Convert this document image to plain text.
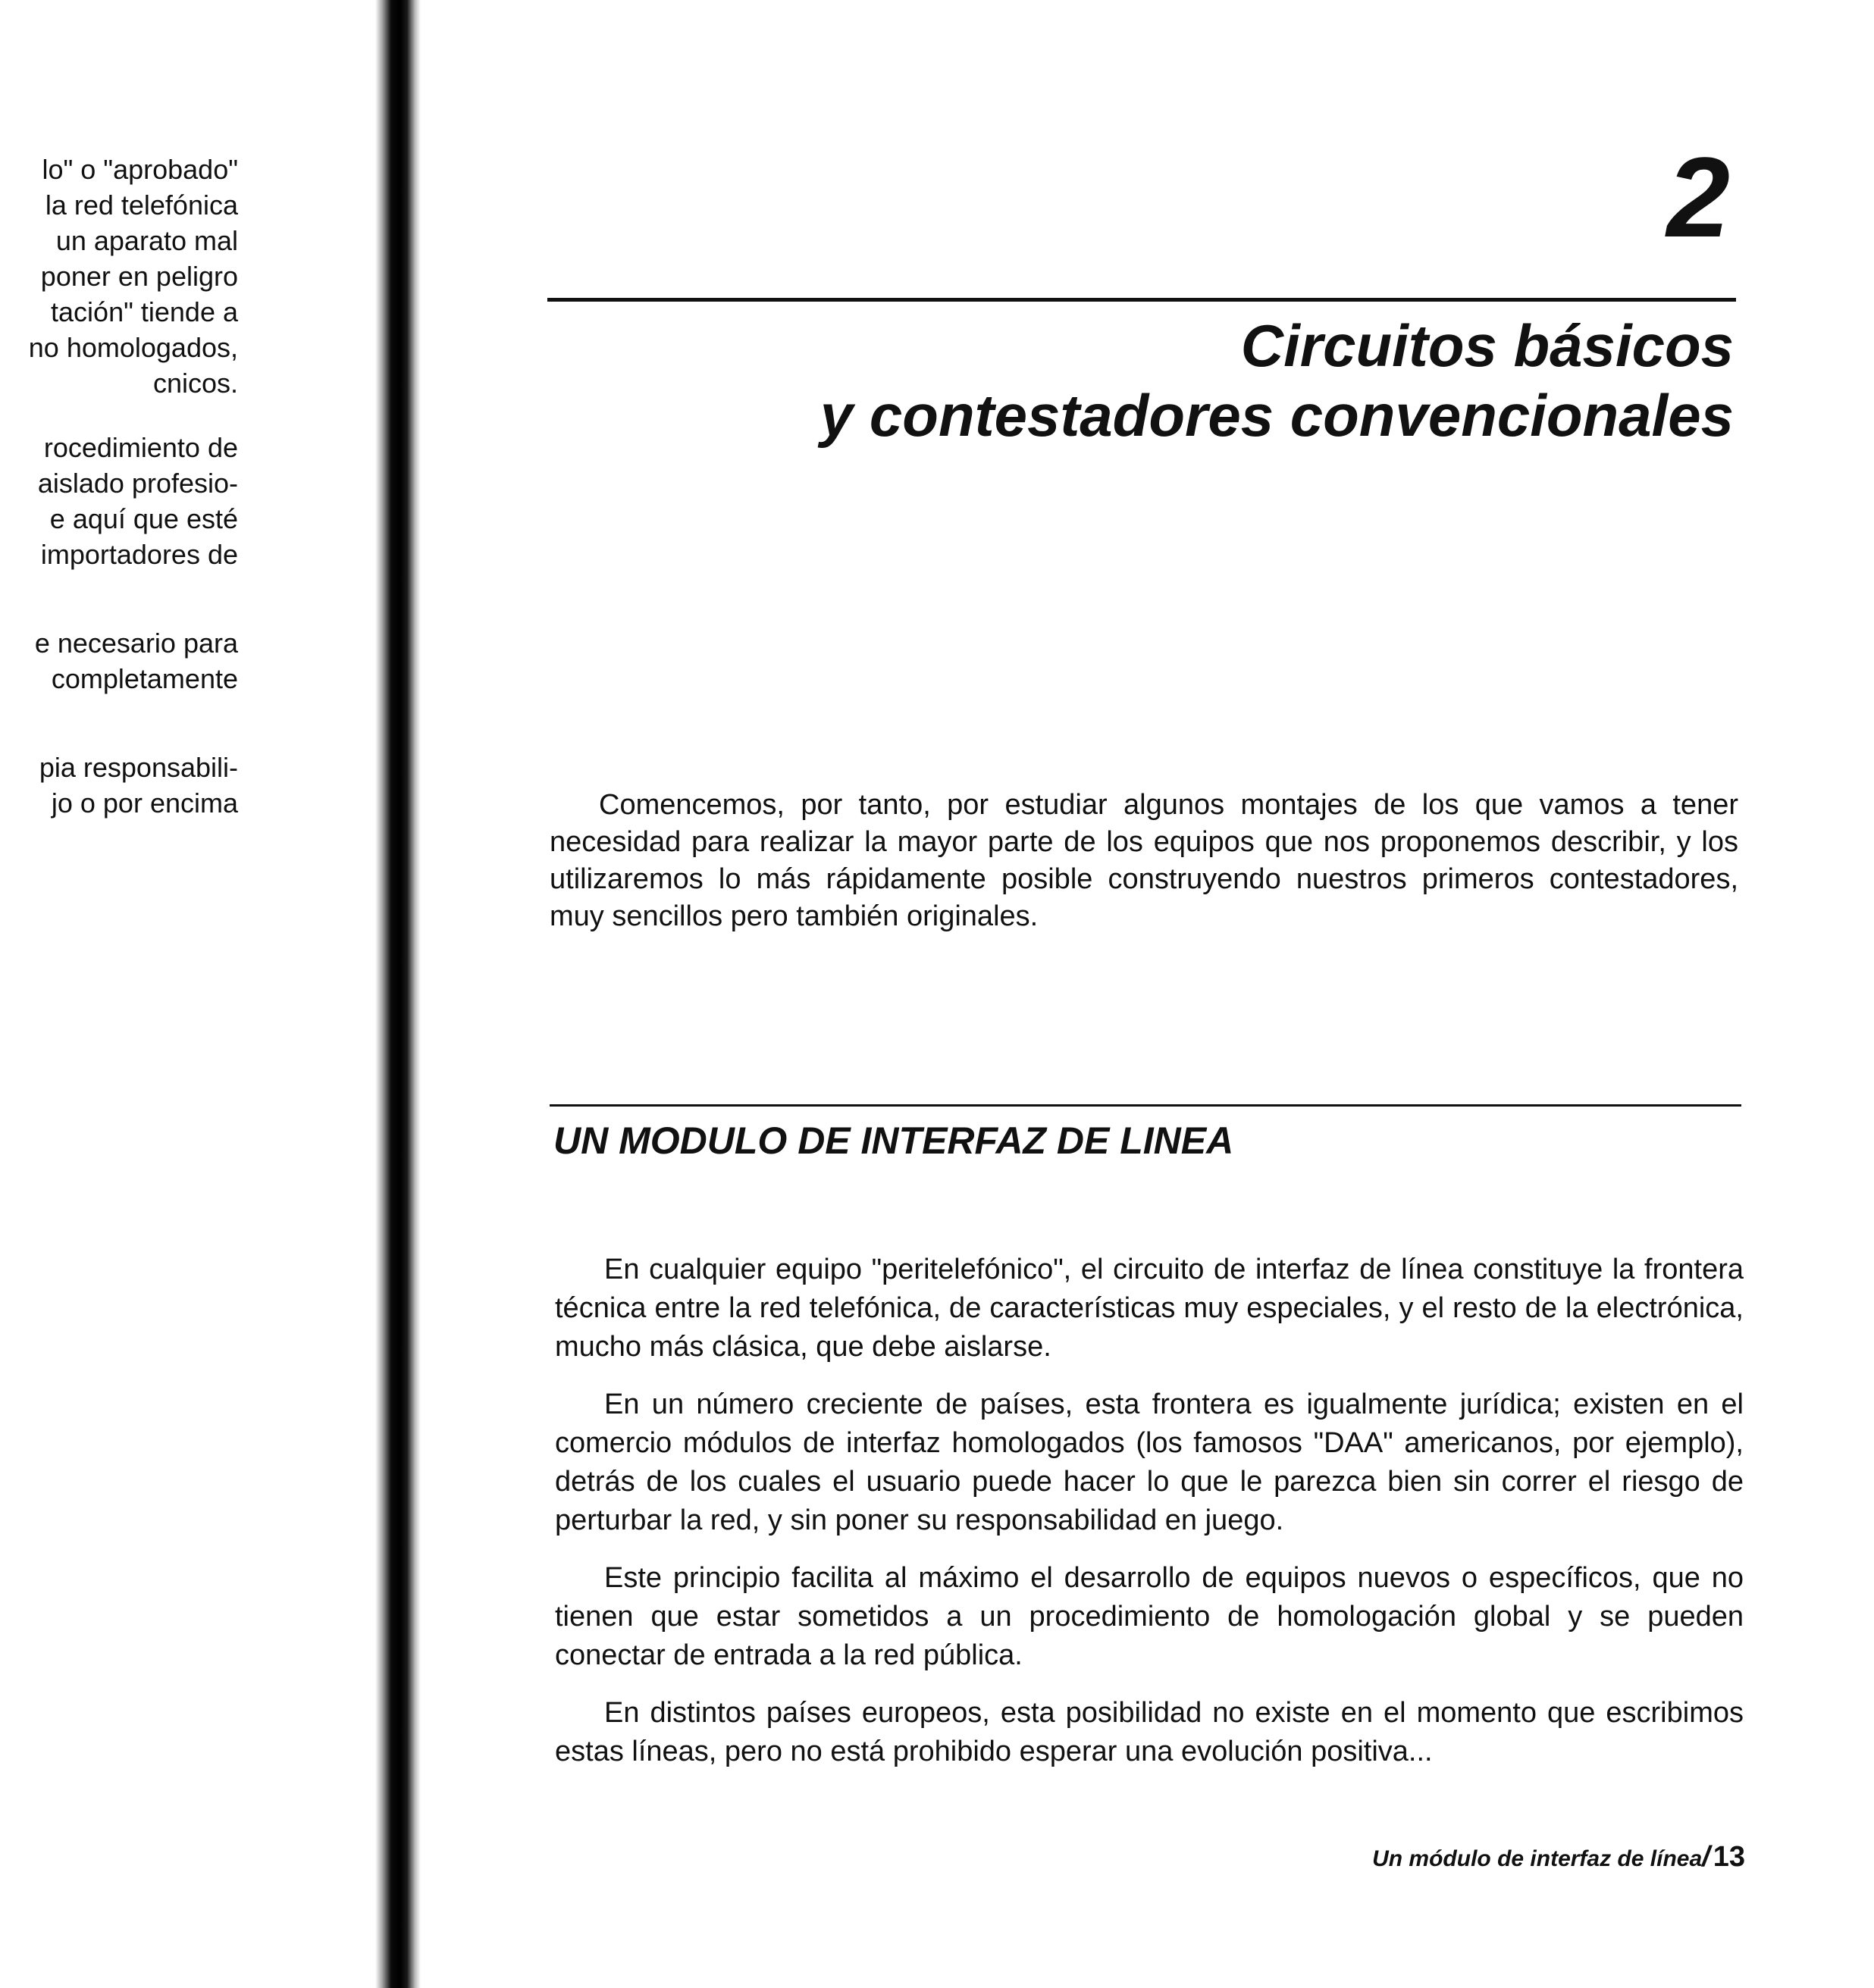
lo" o "aprobado"
la red telefónica
un aparato mal
poner en peligro
tación" tiende a
no homologados,
cnicos.
rocedimiento de
aislado profesio-
e aquí que esté
importadores de
e necesario para
completamente
pia responsabili-
jo o por encima
2
Circuitos básicos
y contestadores convencionales

Comencemos, por tanto, por estudiar algunos montajes de los que vamos a tener necesidad para realizar la mayor parte de los equipos que nos proponemos describir, y los utilizaremos lo más rápidamente posible construyendo nuestros primeros contestadores, muy sencillos pero también originales.

UN MODULO DE INTERFAZ DE LINEA

En cualquier equipo "peritelefónico", el circuito de interfaz de línea constituye la frontera técnica entre la red telefónica, de características muy especiales, y el resto de la electrónica, mucho más clásica, que debe aislarse.

En un número creciente de países, esta frontera es igualmente jurídica; existen en el comercio módulos de interfaz homologados (los famosos "DAA" americanos, por ejemplo), detrás de los cuales el usuario puede hacer lo que le parezca bien sin correr el riesgo de perturbar la red, y sin poner su responsabilidad en juego.

Este principio facilita al máximo el desarrollo de equipos nuevos o específicos, que no tienen que estar sometidos a un procedimiento de homologación global y se pueden conectar de entrada a la red pública.

En distintos países europeos, esta posibilidad no existe en el momento que escribimos estas líneas, pero no está prohibido esperar una evolución positiva...

Un módulo de interfaz de línea/ 13
